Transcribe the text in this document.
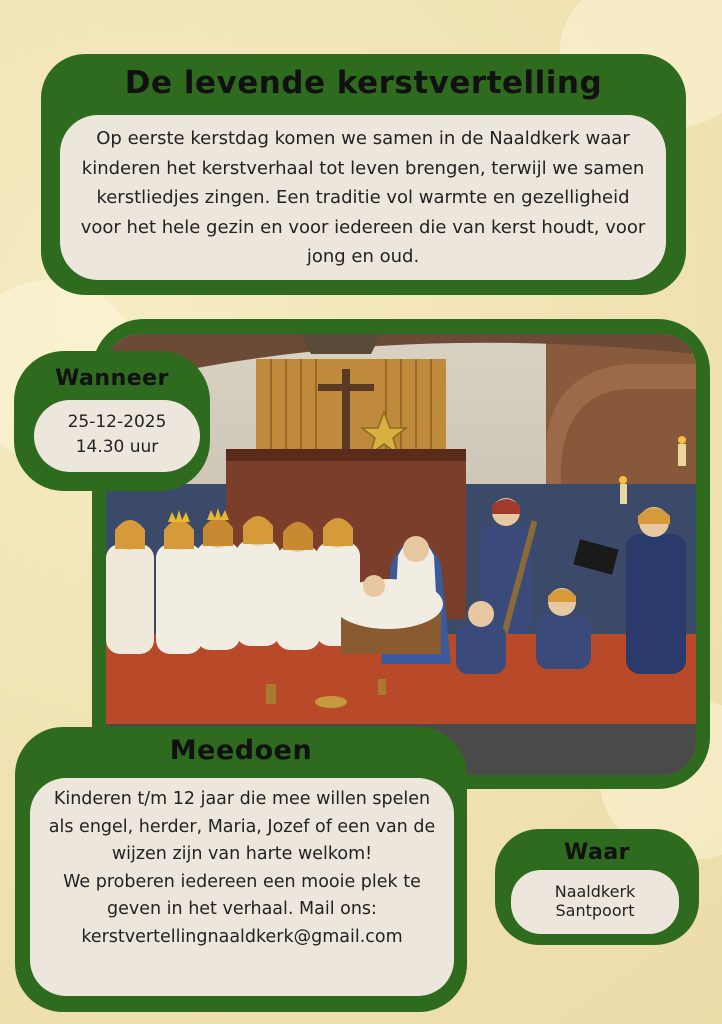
De levende kerstvertelling
Op eerste kerstdag komen we samen in de Naaldkerk waar kinderen het kerstverhaal tot leven brengen, terwijl we samen kerstliedjes zingen. Een traditie vol warmte en gezelligheid voor het hele gezin en voor iedereen die van kerst houdt, voor jong en oud.
Wanneer
25-12-2025
14.30 uur
Meedoen
Kinderen t/m 12 jaar die mee willen spelen als engel, herder, Maria, Jozef of een van de wijzen zijn van harte welkom!
We proberen iedereen een mooie plek te geven in het verhaal. Mail ons:
kerstvertellingnaaldkerk@gmail.com
Waar
Naaldkerk
Santpoort
